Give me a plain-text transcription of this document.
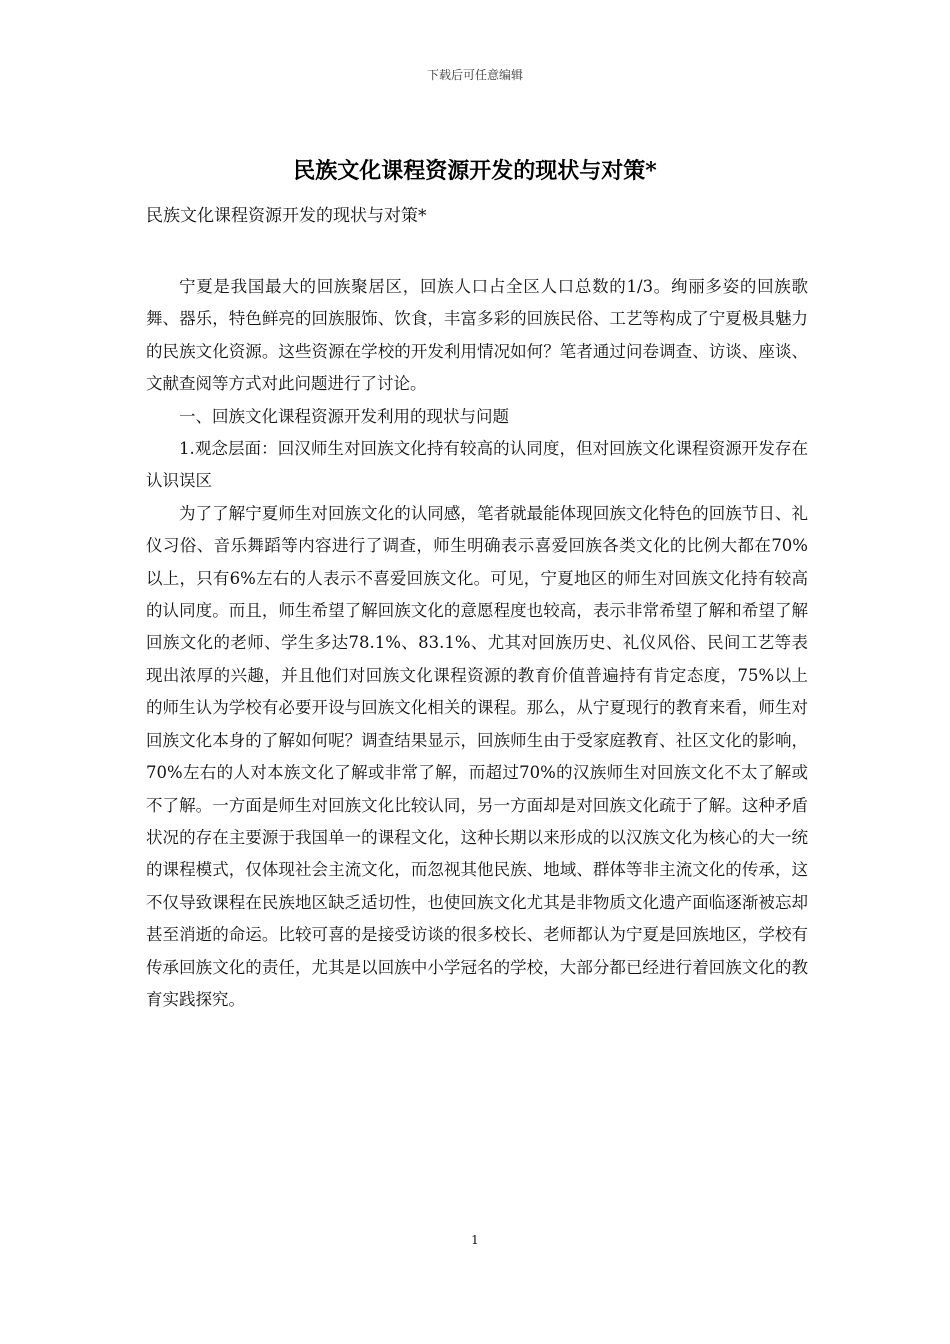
下载后可任意编辑
民族文化课程资源开发的现状与对策*
民族文化课程资源开发的现状与对策*

宁夏是我国最大的回族聚居区，回族人口占全区人口总数的1/3。绚丽多姿的回族歌舞、器乐，特色鲜亮的回族服饰、饮食，丰富多彩的回族民俗、工艺等构成了宁夏极具魅力的民族文化资源。这些资源在学校的开发利用情况如何？笔者通过问卷调查、访谈、座谈、文献查阅等方式对此问题进行了讨论。

一、回族文化课程资源开发利用的现状与问题

1.观念层面：回汉师生对回族文化持有较高的认同度，但对回族文化课程资源开发存在认识误区

为了了解宁夏师生对回族文化的认同感，笔者就最能体现回族文化特色的回族节日、礼仪习俗、音乐舞蹈等内容进行了调查，师生明确表示喜爱回族各类文化的比例大都在70%以上，只有6%左右的人表示不喜爱回族文化。可见，宁夏地区的师生对回族文化持有较高的认同度。而且，师生希望了解回族文化的意愿程度也较高，表示非常希望了解和希望了解回族文化的老师、学生多达78.1%、83.1%、尤其对回族历史、礼仪风俗、民间工艺等表现出浓厚的兴趣，并且他们对回族文化课程资源的教育价值普遍持有肯定态度，75%以上的师生认为学校有必要开设与回族文化相关的课程。那么，从宁夏现行的教育来看，师生对回族文化本身的了解如何呢？调查结果显示，回族师生由于受家庭教育、社区文化的影响，70%左右的人对本族文化了解或非常了解，而超过70%的汉族师生对回族文化不太了解或不了解。一方面是师生对回族文化比较认同，另一方面却是对回族文化疏于了解。这种矛盾状况的存在主要源于我国单一的课程文化，这种长期以来形成的以汉族文化为核心的大一统的课程模式，仅体现社会主流文化，而忽视其他民族、地域、群体等非主流文化的传承，这不仅导致课程在民族地区缺乏适切性，也使回族文化尤其是非物质文化遗产面临逐渐被忘却甚至消逝的命运。比较可喜的是接受访谈的很多校长、老师都认为宁夏是回族地区，学校有传承回族文化的责任，尤其是以回族中小学冠名的学校，大部分都已经进行着回族文化的教育实践探究。

1
